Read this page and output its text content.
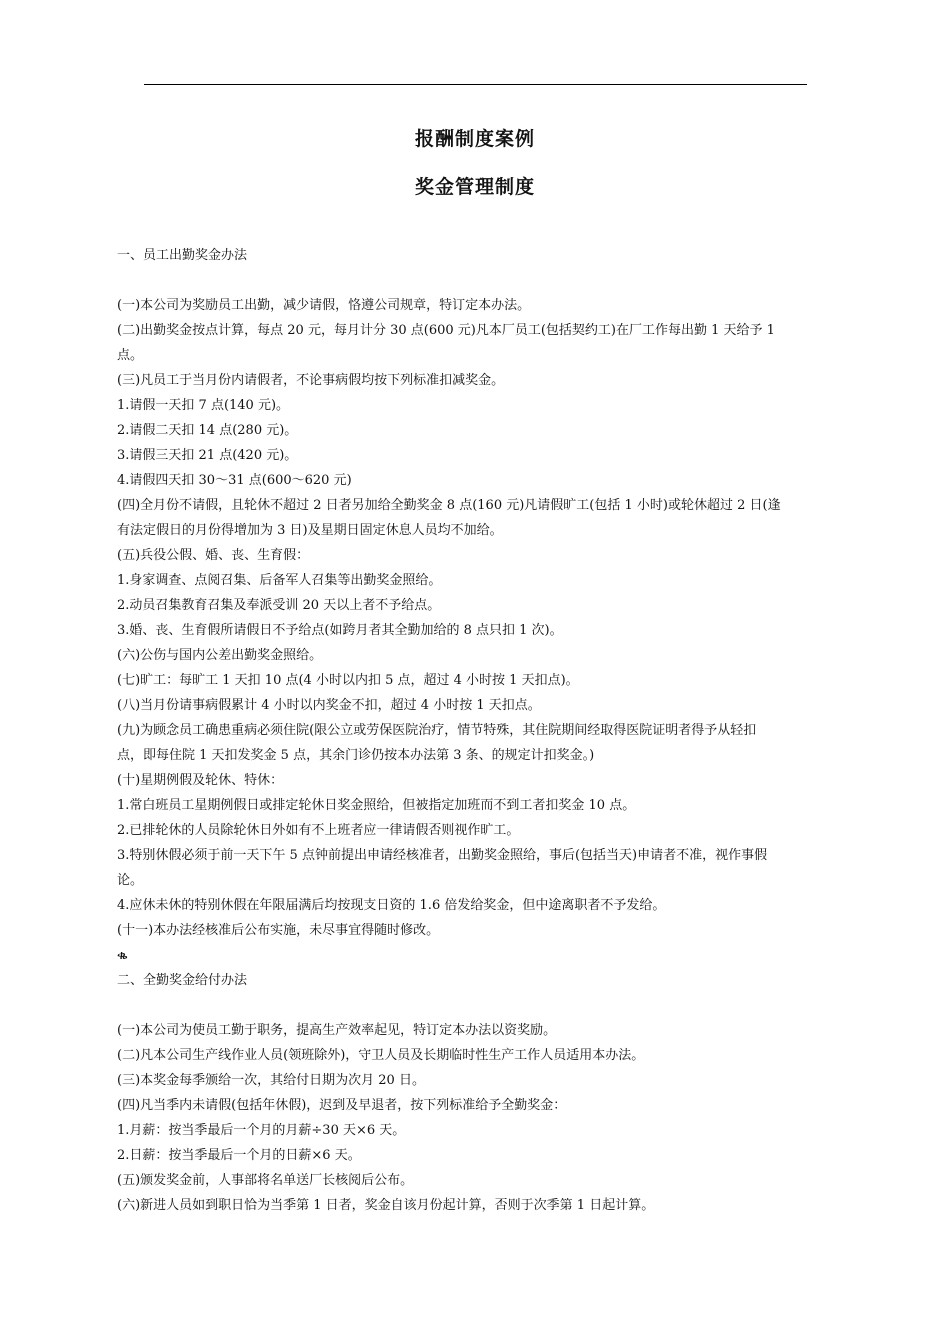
报酬制度案例
奖金管理制度

一、员工出勤奖金办法

(一)本公司为奖励员工出勤，减少请假，恪遵公司规章，特订定本办法。

(二)出勤奖金按点计算，每点 20 元，每月计分 30 点(600 元)凡本厂员工(包括契约工)在厂工作每出勤 1 天给予 1

点。

(三)凡员工于当月份内请假者，不论事病假均按下列标准扣减奖金。

1.请假一天扣 7 点(140 元)。

2.请假二天扣 14 点(280 元)。

3.请假三天扣 21 点(420 元)。

4.请假四天扣 30～31 点(600～620 元)

(四)全月份不请假，且轮休不超过 2 日者另加给全勤奖金 8 点(160 元)凡请假旷工(包括 1 小时)或轮休超过 2 日(逢

有法定假日的月份得增加为 3 日)及星期日固定休息人员均不加给。

(五)兵役公假、婚、丧、生育假：

1.身家调查、点阅召集、后备军人召集等出勤奖金照给。

2.动员召集教育召集及奉派受训 20 天以上者不予给点。

3.婚、丧、生育假所请假日不予给点(如跨月者其全勤加给的 8 点只扣 1 次)。

(六)公伤与国内公差出勤奖金照给。

(七)旷工：每旷工 1 天扣 10 点(4 小时以内扣 5 点，超过 4 小时按 1 天扣点)。

(八)当月份请事病假累计 4 小时以内奖金不扣，超过 4 小时按 1 天扣点。

(九)为顾念员工确患重病必须住院(限公立或劳保医院治疗，情节特殊，其住院期间经取得医院证明者得予从轻扣

点，即每住院 1 天扣发奖金 5 点，其余门诊仍按本办法第 3 条、的规定计扣奖金。)

(十)星期例假及轮休、特休：

1.常白班员工星期例假日或排定轮休日奖金照给，但被指定加班而不到工者扣奖金 10 点。

2.已排轮休的人员除轮休日外如有不上班者应一律请假否则视作旷工。

3.特别休假必须于前一天下午 5 点钟前提出申请经核准者，出勤奖金照给，事后(包括当天)申请者不准，视作事假

论。

4.应休未休的特别休假在年限届满后均按现支日资的 1.6 倍发给奖金，但中途离职者不予发给。

(十一)本办法经核准后公布实施，未尽事宜得随时修改。

ቈ

二、全勤奖金给付办法

(一)本公司为使员工勤于职务，提高生产效率起见，特订定本办法以资奖励。

(二)凡本公司生产线作业人员(领班除外)，守卫人员及长期临时性生产工作人员适用本办法。

(三)本奖金每季颁给一次，其给付日期为次月 20 日。

(四)凡当季内未请假(包括年休假)，迟到及早退者，按下列标准给予全勤奖金：

1.月薪：按当季最后一个月的月薪÷30 天×6 天。

2.日薪：按当季最后一个月的日薪×6 天。

(五)颁发奖金前，人事部将名单送厂长核阅后公布。

(六)新进人员如到职日恰为当季第 1 日者，奖金自该月份起计算，否则于次季第 1 日起计算。
